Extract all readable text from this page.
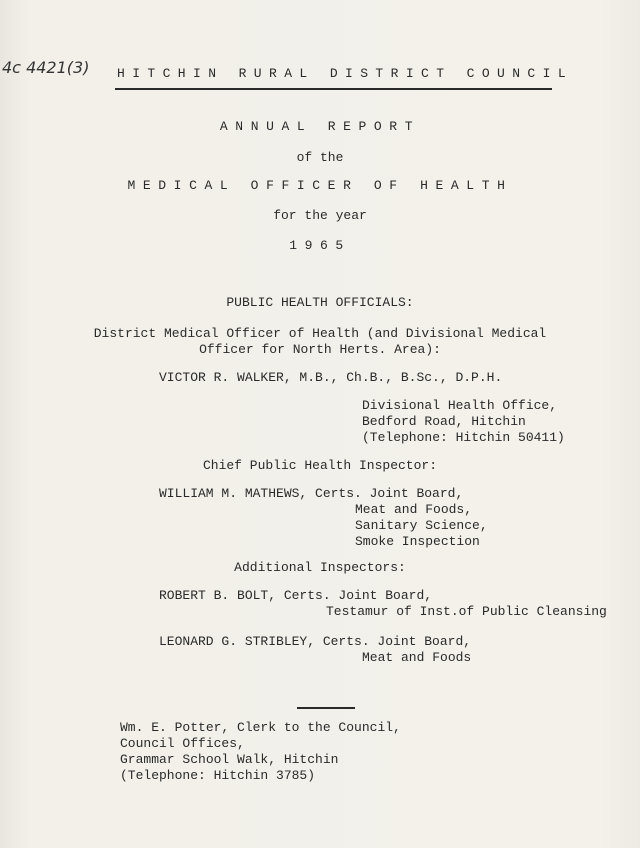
4c 4421(3) HITCHIN RURAL DISTRICT COUNCIL
ANNUAL REPORT
of the
MEDICAL OFFICER OF HEALTH
for the year
1965
PUBLIC HEALTH OFFICIALS:
District Medical Officer of Health (and Divisional Medical
Officer for North Herts. Area):
VICTOR R. WALKER, M.B., Ch.B., B.Sc., D.P.H.
Divisional Health Office,
Bedford Road, Hitchin
(Telephone: Hitchin 50411)
Chief Public Health Inspector:
WILLIAM M. MATHEWS, Certs. Joint Board,
Meat and Foods,
Sanitary Science,
Smoke Inspection
Additional Inspectors:
ROBERT B. BOLT, Certs. Joint Board,
Testamur of Inst.of Public Cleansing
LEONARD G. STRIBLEY, Certs. Joint Board,
Meat and Foods
Wm. E. Potter, Clerk to the Council,
Council Offices,
Grammar School Walk, Hitchin
(Telephone: Hitchin 3785)
